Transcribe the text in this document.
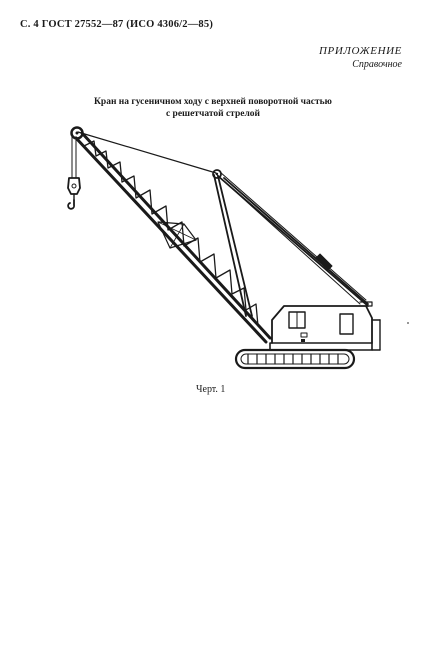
С. 4 ГОСТ 27552—87 (ИСО 4306/2—85)
ПРИЛОЖЕНИЕ
Справочное
Кран на гусеничном ходу с верхней поворотной частью
с решетчатой стрелой
Черт. 1
